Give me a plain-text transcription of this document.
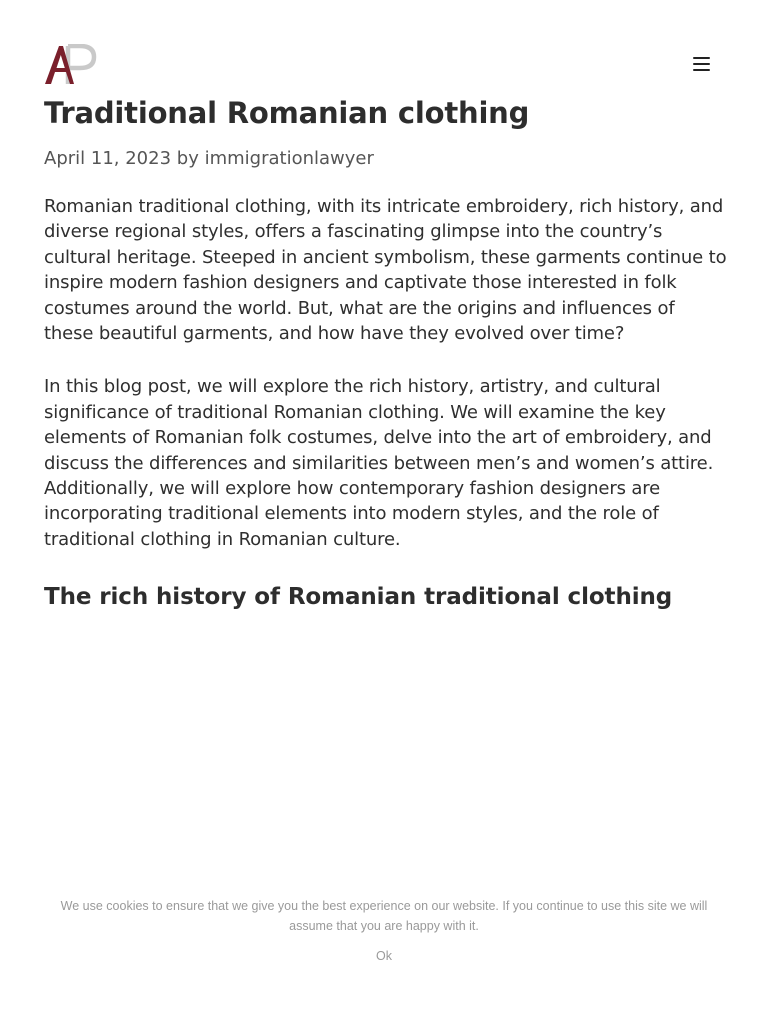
Traditional Romanian clothing
April 11, 2023 by immigrationlawyer

Romanian traditional clothing, with its intricate embroidery, rich history, and diverse regional styles, offers a fascinating glimpse into the country’s cultural heritage. Steeped in ancient symbolism, these garments continue to inspire modern fashion designers and captivate those interested in folk costumes around the world. But, what are the origins and influences of these beautiful garments, and how have they evolved over time?

In this blog post, we will explore the rich history, artistry, and cultural significance of traditional Romanian clothing. We will examine the key elements of Romanian folk costumes, delve into the art of embroidery, and discuss the differences and similarities between men’s and women’s attire. Additionally, we will explore how contemporary fashion designers are incorporating traditional elements into modern styles, and the role of traditional clothing in Romanian culture.

The rich history of Romanian traditional clothing
We use cookies to ensure that we give you the best experience on our website. If you continue to use this site we will assume that you are happy with it.
Ok
